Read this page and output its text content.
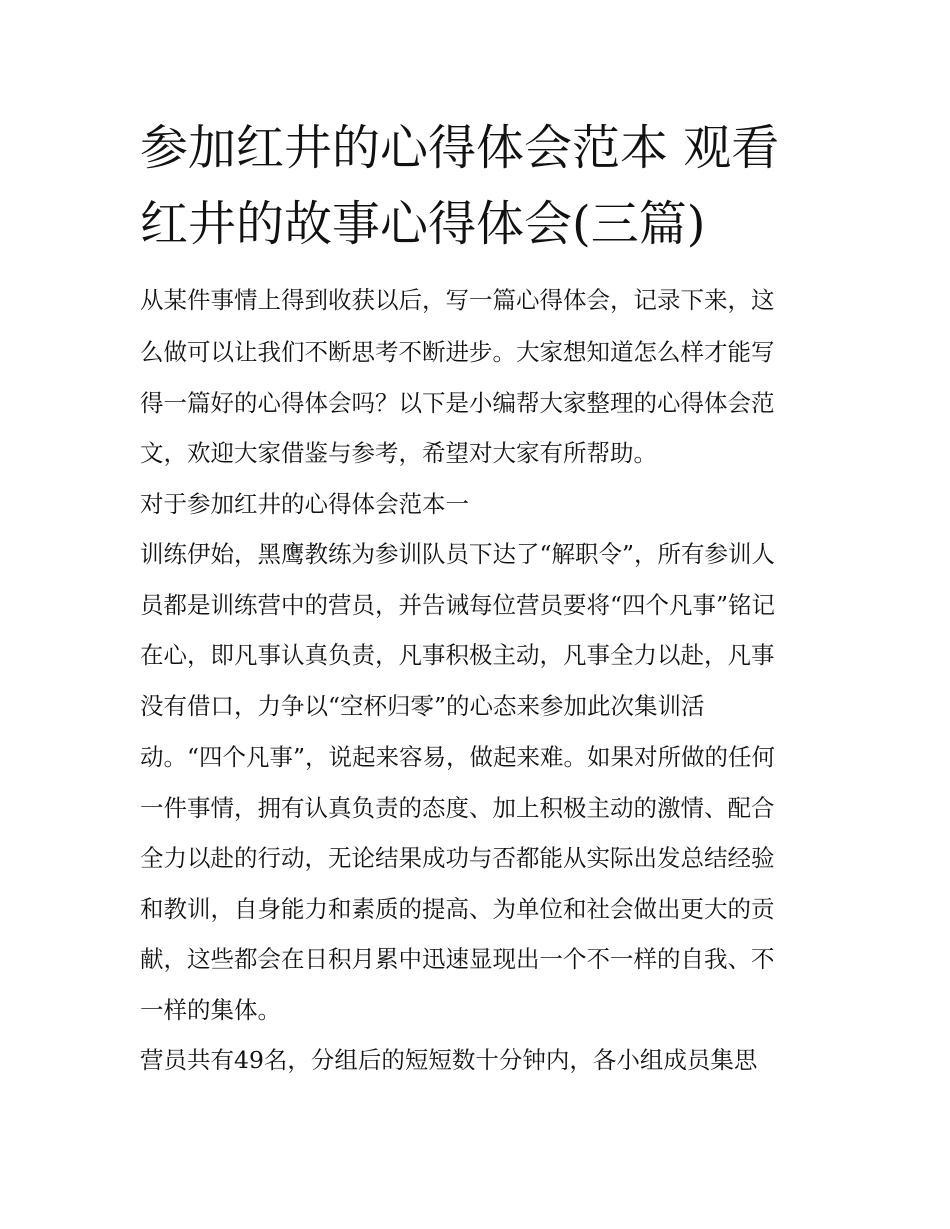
参加红井的心得体会范本 观看
红井的故事心得体会(三篇)

从某件事情上得到收获以后，写一篇心得体会，记录下来，这

么做可以让我们不断思考不断进步。大家想知道怎么样才能写

得一篇好的心得体会吗？以下是小编帮大家整理的心得体会范

文，欢迎大家借鉴与参考，希望对大家有所帮助。

对于参加红井的心得体会范本一

训练伊始，黑鹰教练为参训队员下达了“解职令”，所有参训人

员都是训练营中的营员，并告诫每位营员要将“四个凡事”铭记

在心，即凡事认真负责，凡事积极主动，凡事全力以赴，凡事

没有借口，力争以“空杯归零”的心态来参加此次集训活

动。“四个凡事”，说起来容易，做起来难。如果对所做的任何

一件事情，拥有认真负责的态度、加上积极主动的激情、配合

全力以赴的行动，无论结果成功与否都能从实际出发总结经验

和教训，自身能力和素质的提高、为单位和社会做出更大的贡

献，这些都会在日积月累中迅速显现出一个不一样的自我、不

一样的集体。

营员共有49名，分组后的短短数十分钟内，各小组成员集思
